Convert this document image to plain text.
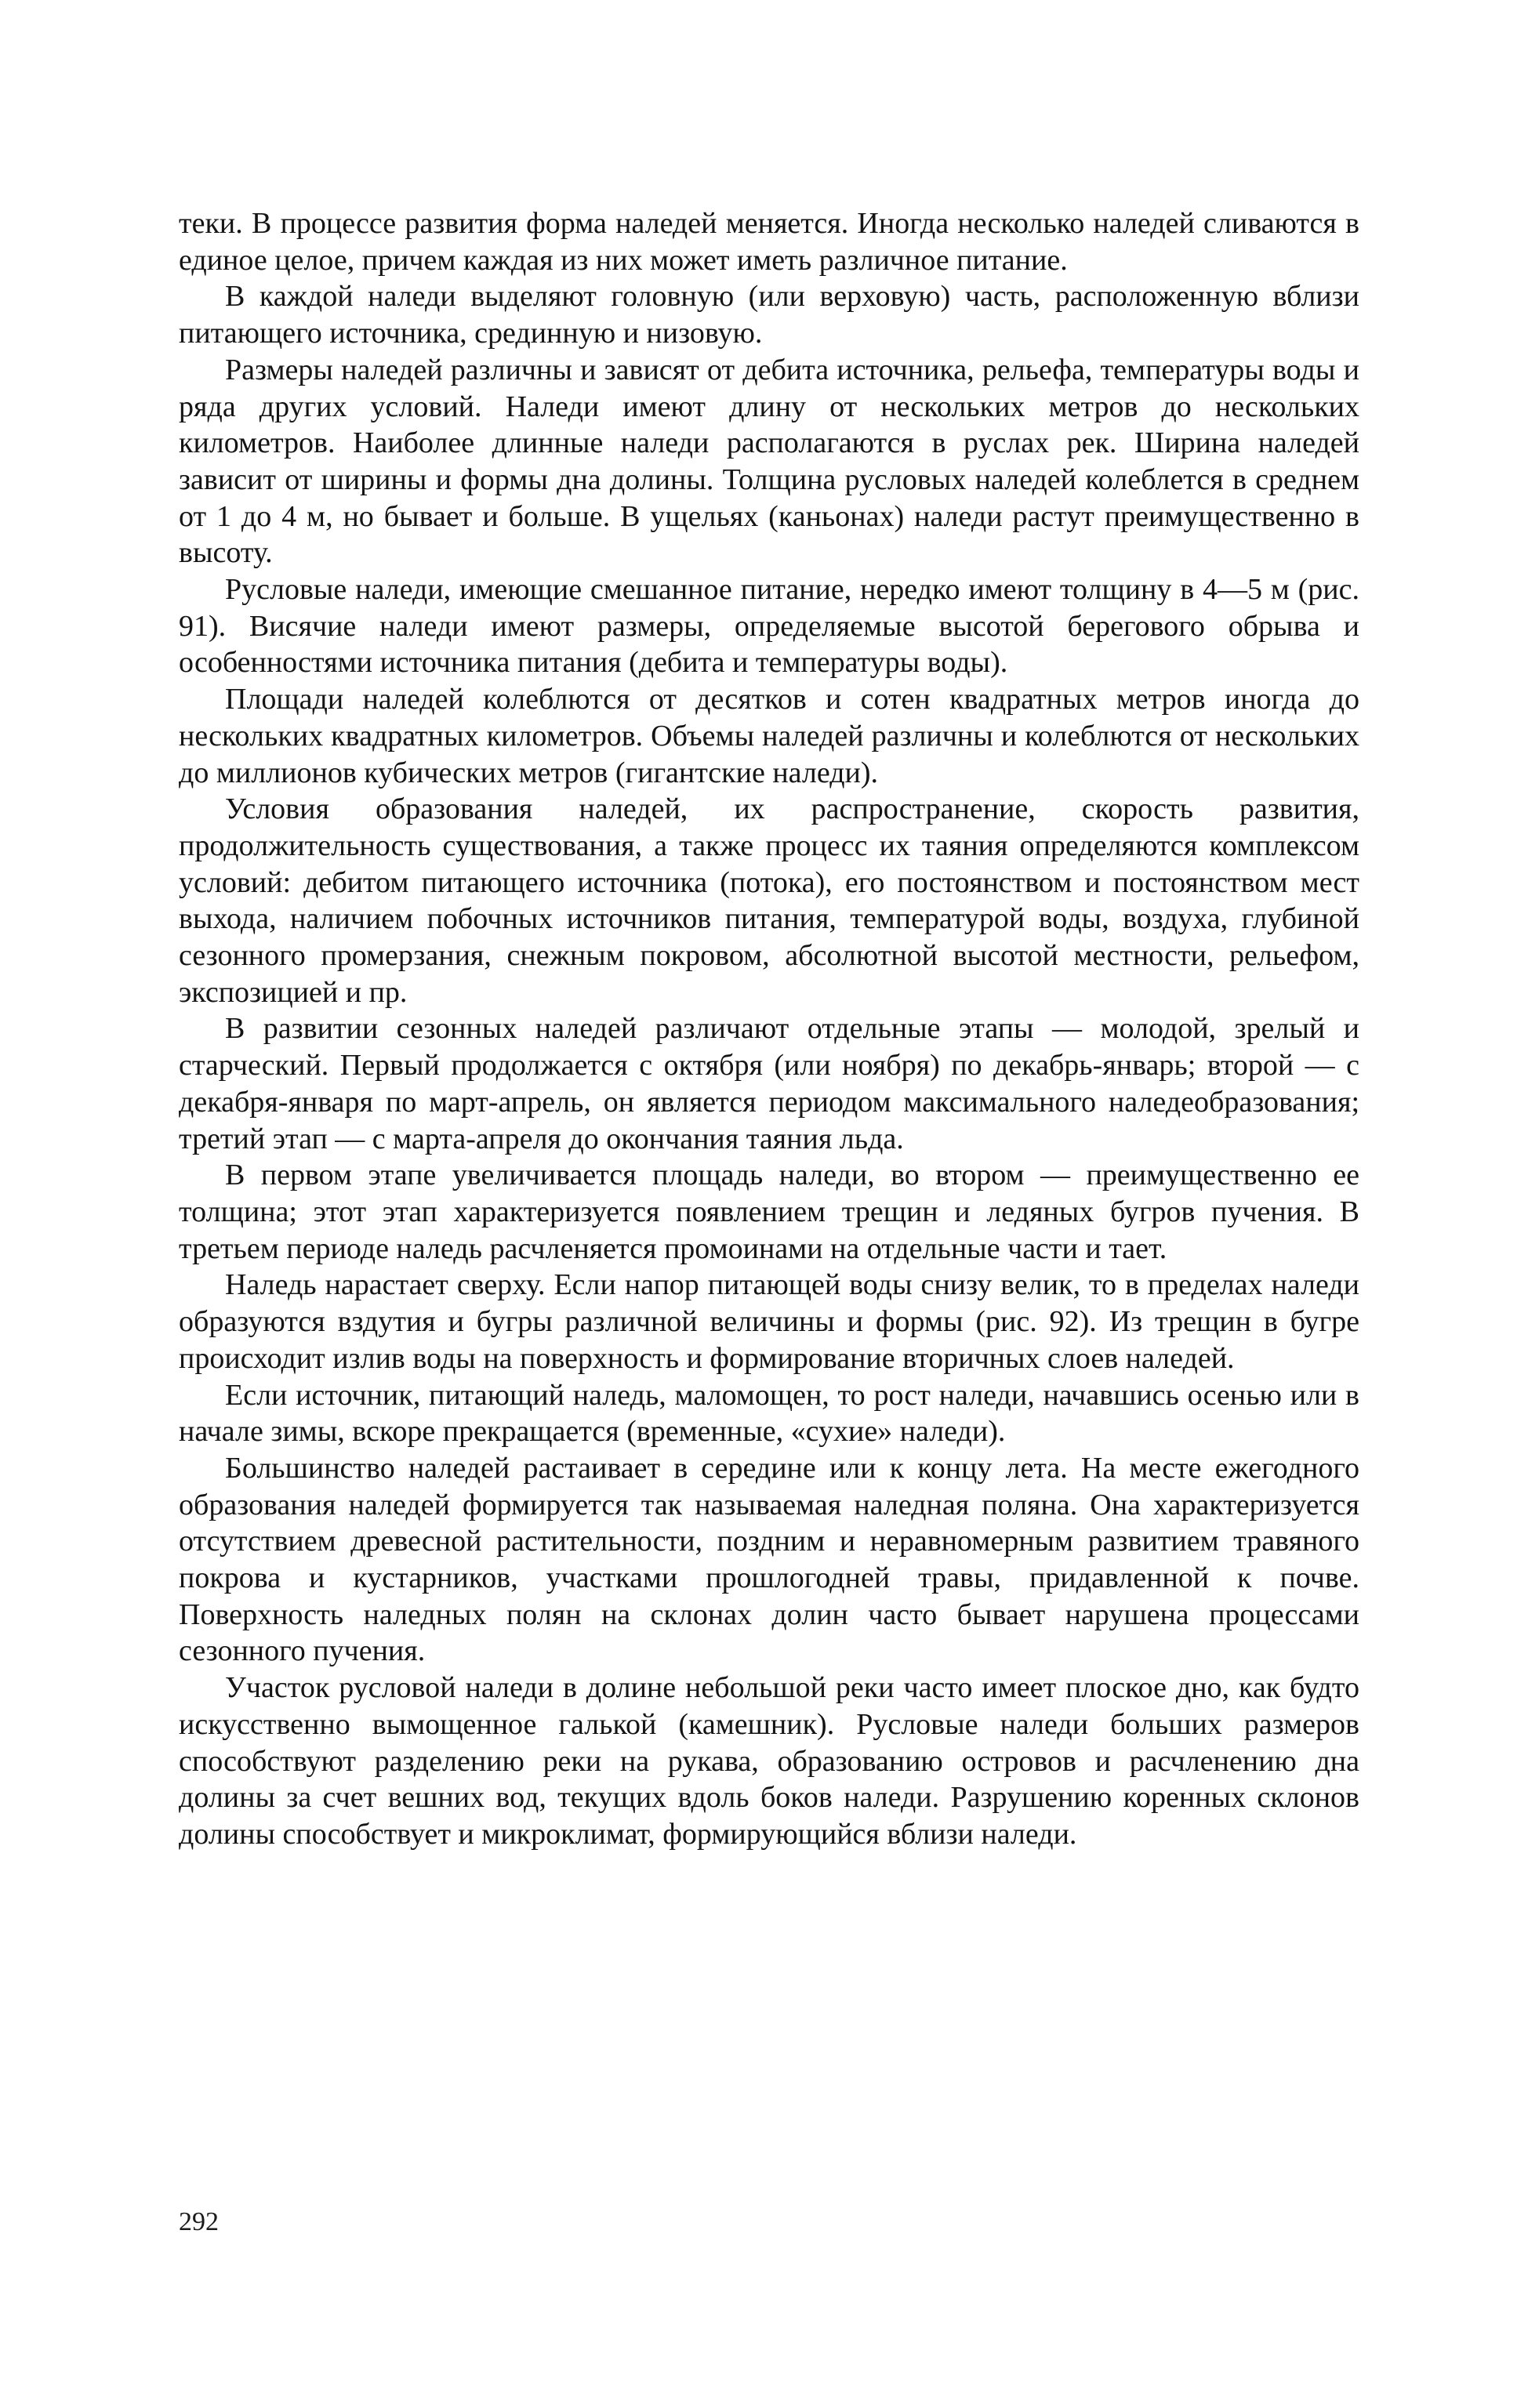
теки. В процессе развития форма наледей меняется. Иногда несколько наледей сливаются в единое целое, причем каждая из них может иметь различное питание.

В каждой наледи выделяют головную (или верховую) часть, расположенную вблизи питающего источника, срединную и низовую.

Размеры наледей различны и зависят от дебита источника, рельефа, температуры воды и ряда других условий. Наледи имеют длину от нескольких метров до нескольких километров. Наиболее длинные наледи располагаются в руслах рек. Ширина наледей зависит от ширины и формы дна долины. Толщина русловых наледей колеблется в среднем от 1 до 4 м, но бывает и больше. В ущельях (каньонах) наледи растут преимущественно в высоту.

Русловые наледи, имеющие смешанное питание, нередко имеют толщину в 4—5 м (рис. 91). Висячие наледи имеют размеры, определяемые высотой берегового обрыва и особенностями источника питания (дебита и температуры воды).

Площади наледей колеблются от десятков и сотен квадратных метров иногда до нескольких квадратных километров. Объемы наледей различны и колеблются от нескольких до миллионов кубических метров (гигантские наледи).

Условия образования наледей, их распространение, скорость развития, продолжительность существования, а также процесс их таяния определяются комплексом условий: дебитом питающего источника (потока), его постоянством и постоянством мест выхода, наличием побочных источников питания, температурой воды, воздуха, глубиной сезонного промерзания, снежным покровом, абсолютной высотой местности, рельефом, экспозицией и пр.

В развитии сезонных наледей различают отдельные этапы — молодой, зрелый и старческий. Первый продолжается с октября (или ноября) по декабрь-январь; второй — с декабря-января по март-апрель, он является периодом максимального наледеобразования; третий этап — с марта-апреля до окончания таяния льда.

В первом этапе увеличивается площадь наледи, во втором — преимущественно ее толщина; этот этап характеризуется появлением трещин и ледяных бугров пучения. В третьем периоде наледь расчленяется промоинами на отдельные части и тает.

Наледь нарастает сверху. Если напор питающей воды снизу велик, то в пределах наледи образуются вздутия и бугры различной величины и формы (рис. 92). Из трещин в бугре происходит излив воды на поверхность и формирование вторичных слоев наледей.

Если источник, питающий наледь, маломощен, то рост наледи, начавшись осенью или в начале зимы, вскоре прекращается (временные, «сухие» наледи).

Большинство наледей растаивает в середине или к концу лета. На месте ежегодного образования наледей формируется так называемая наледная поляна. Она характеризуется отсутствием древесной растительности, поздним и неравномерным развитием травяного покрова и кустарников, участками прошлогодней травы, придавленной к почве. Поверхность наледных полян на склонах долин часто бывает нарушена процессами сезонного пучения.

Участок русловой наледи в долине небольшой реки часто имеет плоское дно, как будто искусственно вымощенное галькой (камешник). Русловые наледи больших размеров способствуют разделению реки на рукава, образованию островов и расчленению дна долины за счет вешних вод, текущих вдоль боков наледи. Разрушению коренных склонов долины способствует и микроклимат, формирующийся вблизи наледи.

292
